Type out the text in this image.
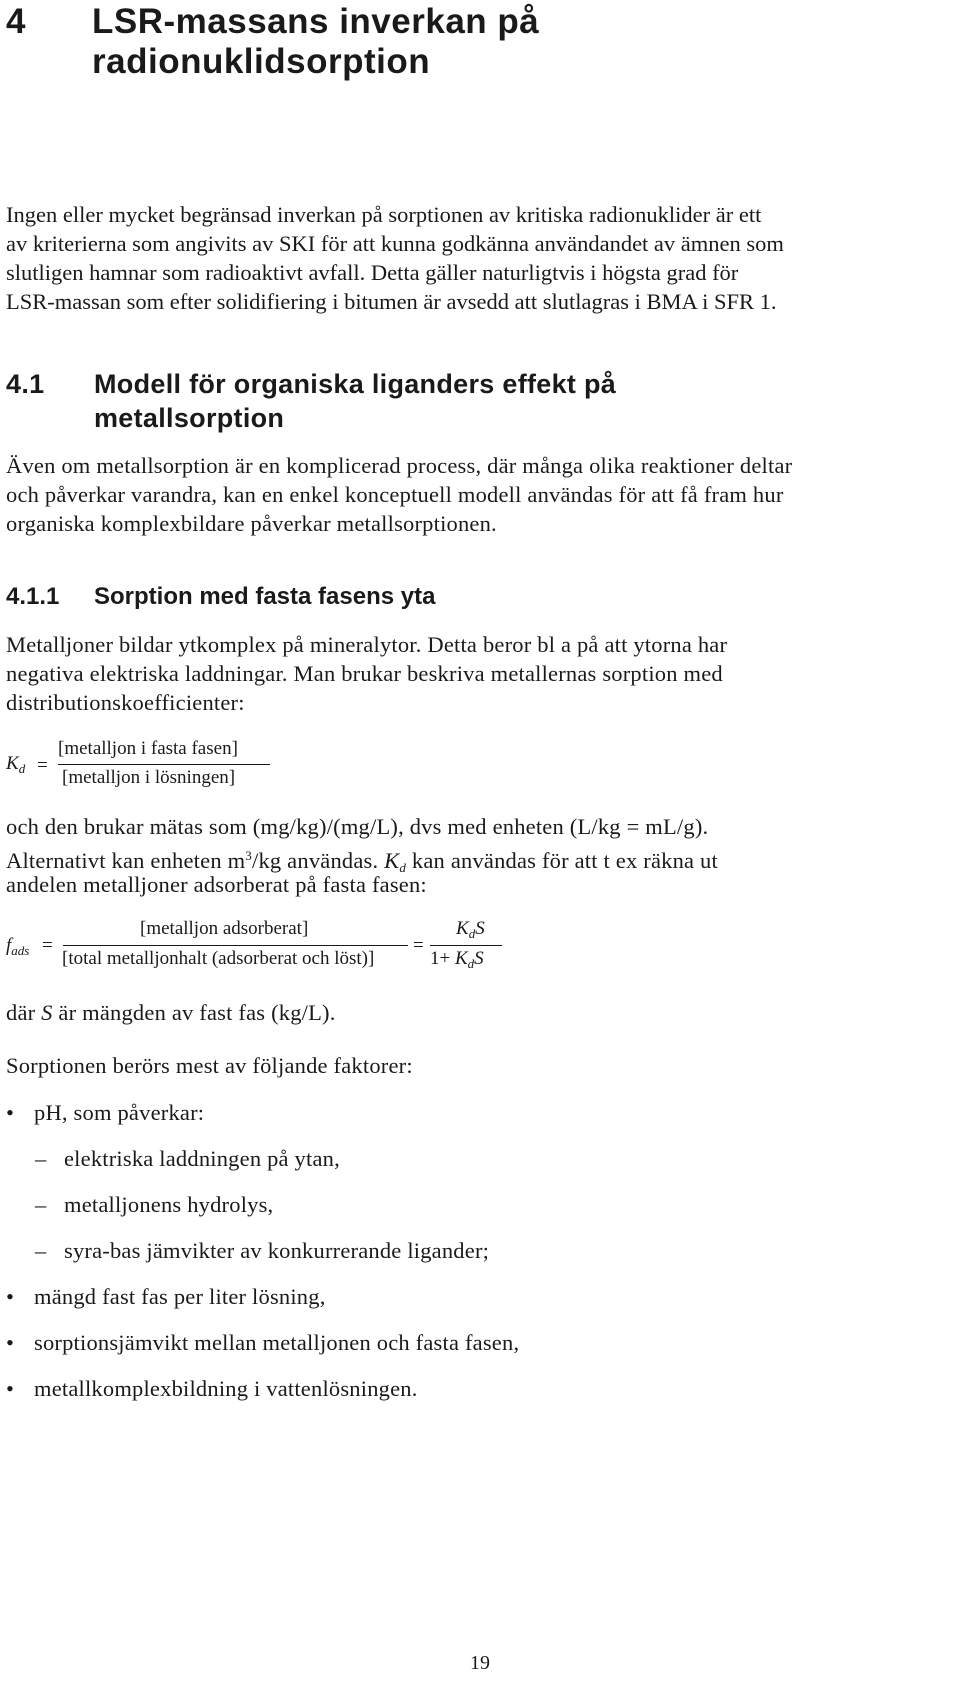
4 LSR-massans inverkan på
radionuklidsorption
Ingen eller mycket begränsad inverkan på sorptionen av kritiska radionuklider är ett
av kriterierna som angivits av SKI för att kunna godkänna användandet av ämnen som
slutligen hamnar som radioaktivt avfall. Detta gäller naturligtvis i högsta grad för
LSR-massan som efter solidifiering i bitumen är avsedd att slutlagras i BMA i SFR 1.
4.1 Modell för organiska liganders effekt på
metallsorption
Även om metallsorption är en komplicerad process, där många olika reaktioner deltar
och påverkar varandra, kan en enkel konceptuell modell användas för att få fram hur
organiska komplexbildare påverkar metallsorptionen.
4.1.1 Sorption med fasta fasens yta
Metalljoner bildar ytkomplex på mineralytor. Detta beror bl a på att ytorna har
negativa elektriska laddningar. Man brukar beskriva metallernas sorption med
distributionskoefficienter:
$K_d$ =
[metalljon i fasta fasen]
[metalljon i lösningen]
och den brukar mätas som (mg/kg)/(mg/L), dvs med enheten (L/kg = mL/g).
Alternativt kan enheten $m^3/kg$ användas. $K_d$ kan användas för att t ex räkna ut
andelen metalljoner adsorberat på fasta fasen:
$f_{ads}$ =
[metalljon adsorberat]
[total metalljonhalt (adsorberat och löst)]
=
$K_dS$
$1+ K_dS$
där S är mängden av fast fas (kg/L).
Sorptionen berörs mest av följande faktorer:
• pH, som påverkar:
– elektriska laddningen på ytan,
– metalljonens hydrolys,
– syra-bas jämvikter av konkurrerande ligander;
• mängd fast fas per liter lösning,
• sorptionsjämvikt mellan metalljonen och fasta fasen,
• metallkomplexbildning i vattenlösningen.
19
